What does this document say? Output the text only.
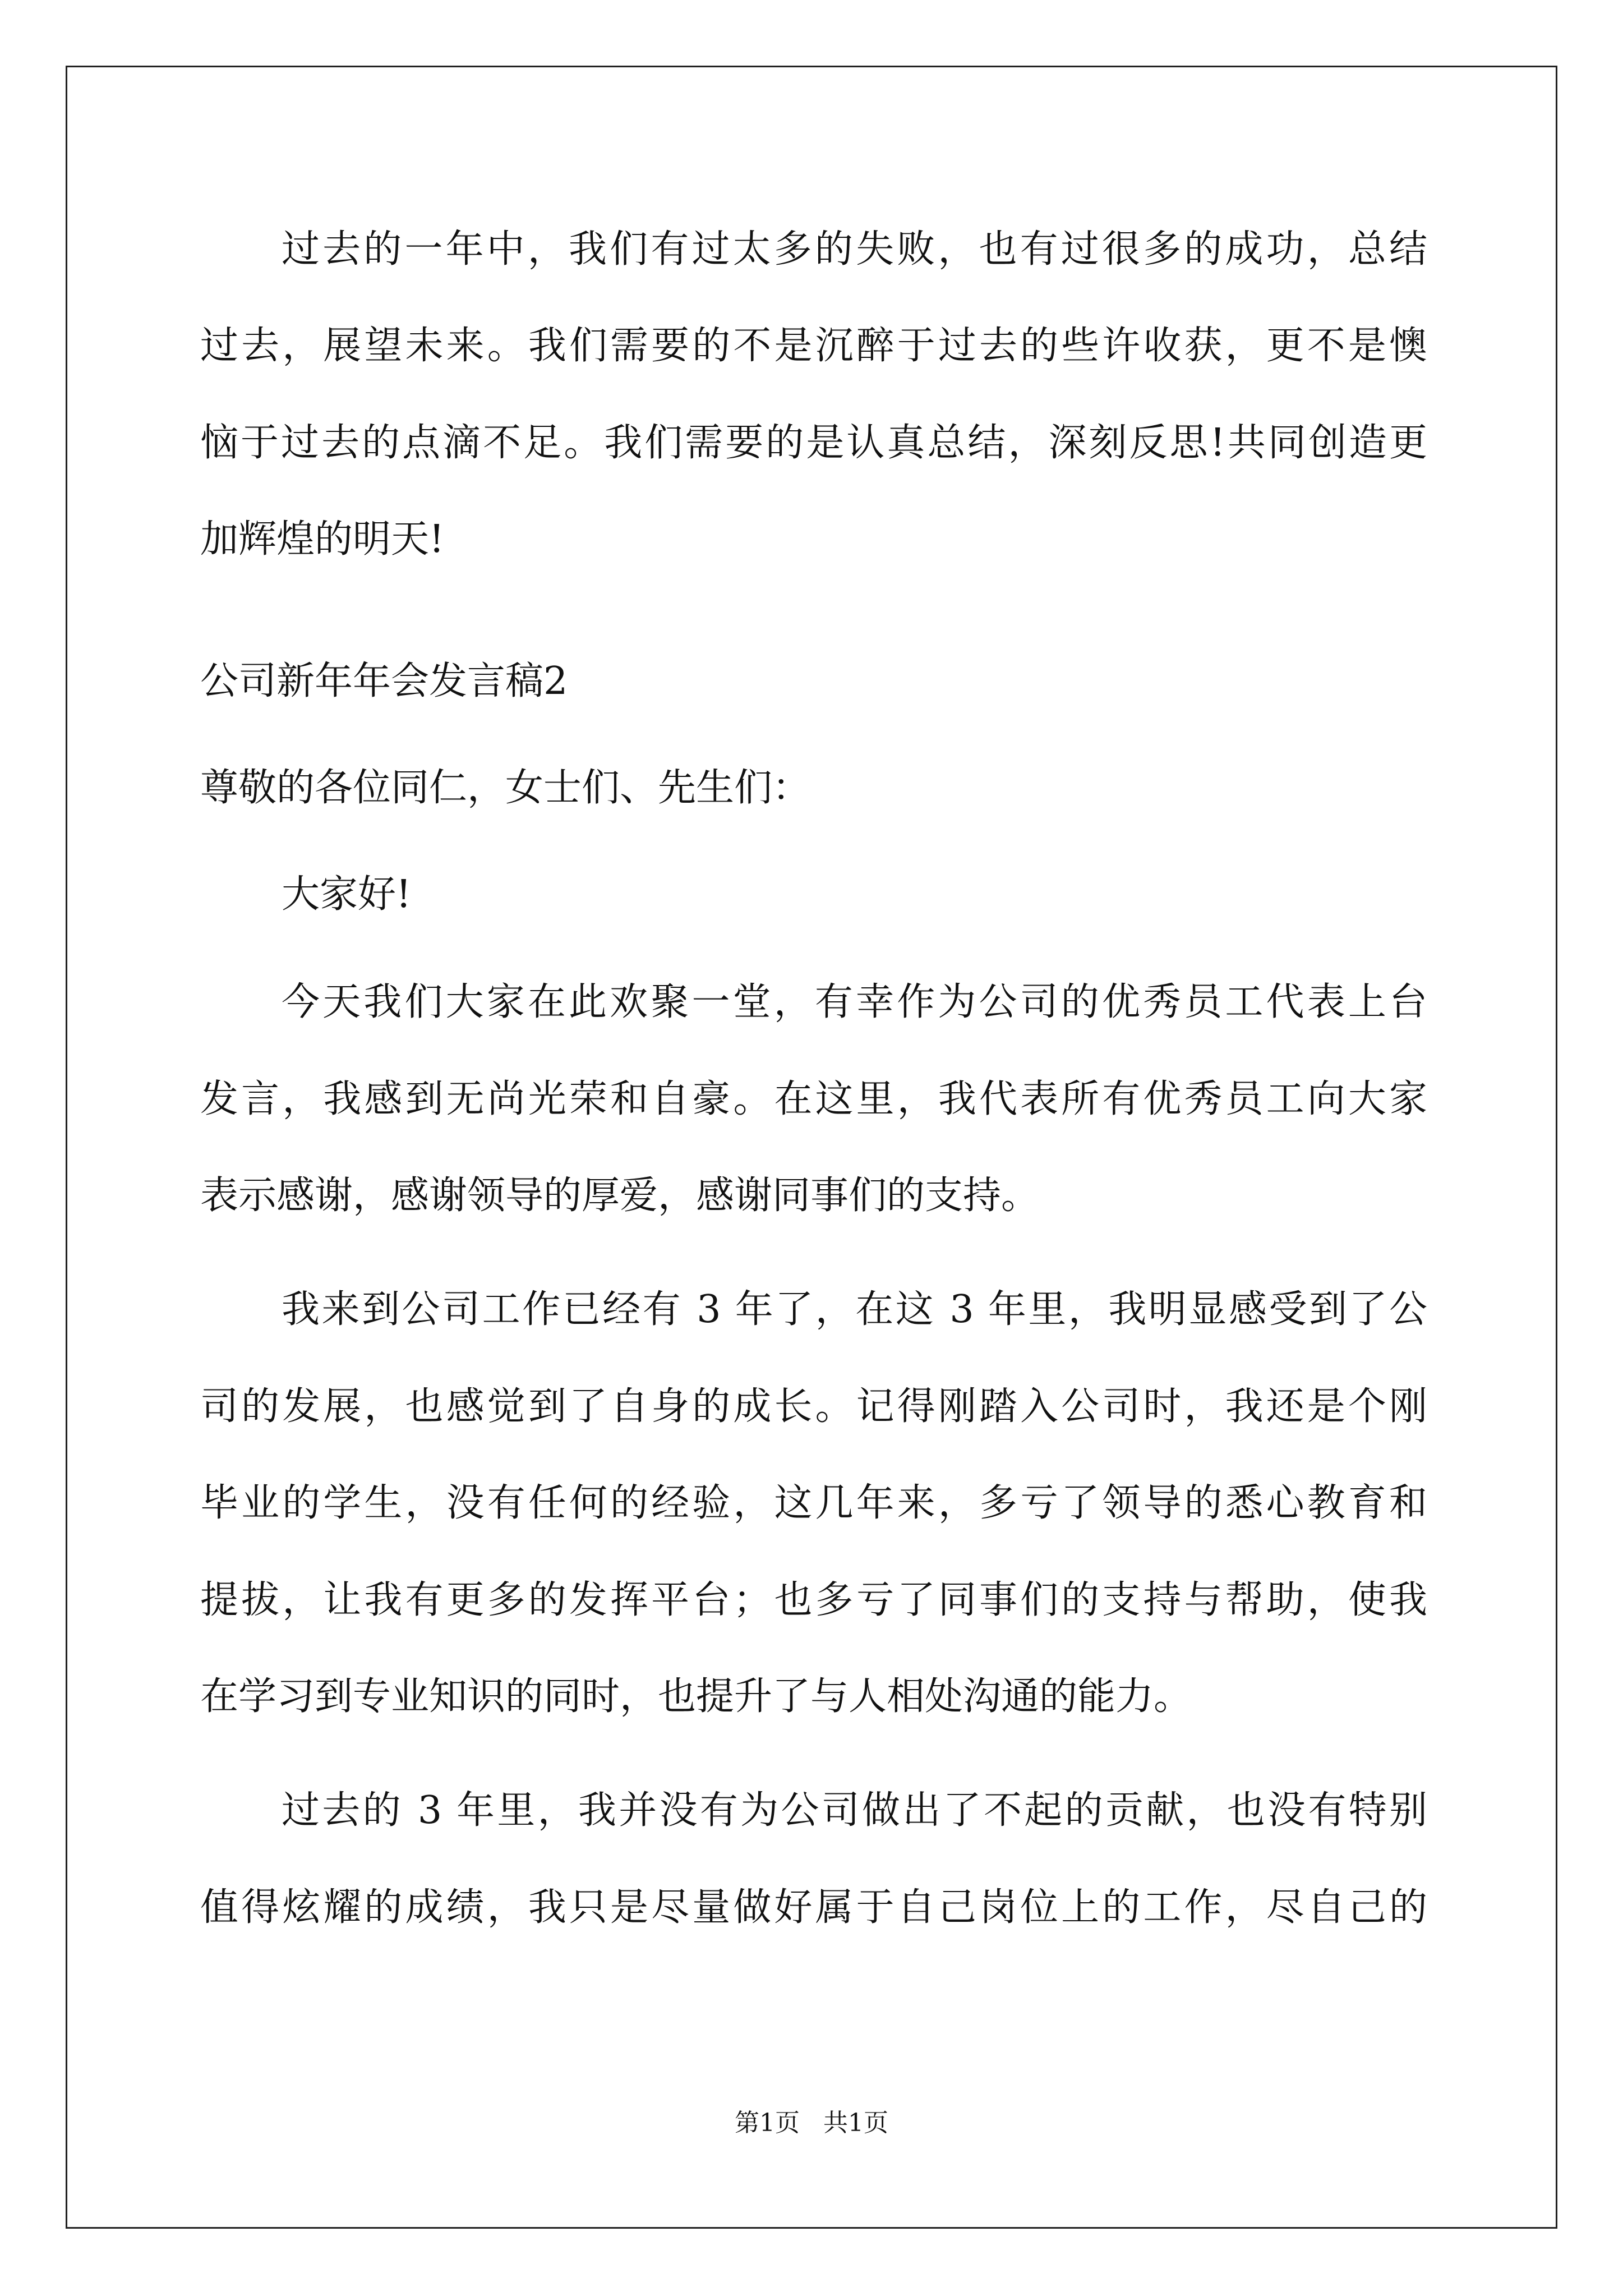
过去的一年中，我们有过太多的失败，也有过很多的成功，总结
过去，展望未来。我们需要的不是沉醉于过去的些许收获，更不是懊
恼于过去的点滴不足。我们需要的是认真总结，深刻反思!共同创造更
加辉煌的明天!
公司新年年会发言稿2
尊敬的各位同仁，女士们、先生们：
大家好!
今天我们大家在此欢聚一堂，有幸作为公司的优秀员工代表上台
发言，我感到无尚光荣和自豪。在这里，我代表所有优秀员工向大家
表示感谢，感谢领导的厚爱，感谢同事们的支持。
我来到公司工作已经有 3 年了，在这 3 年里，我明显感受到了公
司的发展，也感觉到了自身的成长。记得刚踏入公司时，我还是个刚
毕业的学生，没有任何的经验，这几年来，多亏了领导的悉心教育和
提拔，让我有更多的发挥平台；也多亏了同事们的支持与帮助，使我
在学习到专业知识的同时，也提升了与人相处沟通的能力。
过去的 3 年里，我并没有为公司做出了不起的贡献，也没有特别
值得炫耀的成绩，我只是尽量做好属于自己岗位上的工作，尽自己的
第1页   共1页
